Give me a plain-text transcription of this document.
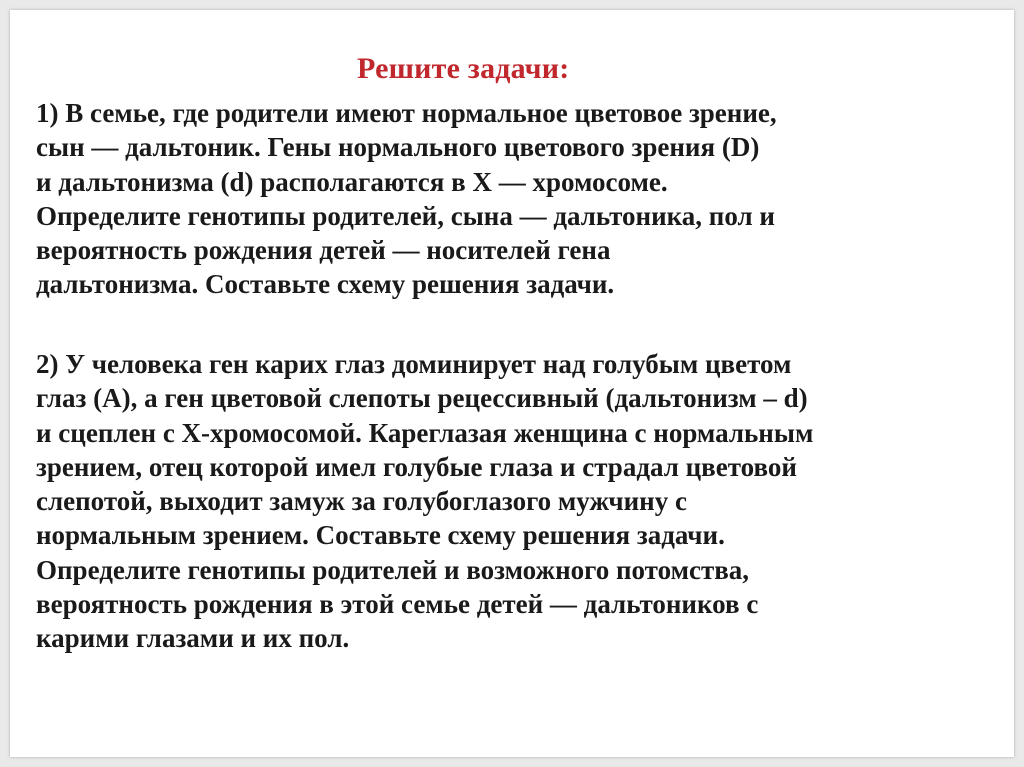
Решите задачи:

1) В семье, где родители имеют нормальное цветовое зрение,
сын — дальтоник. Гены нормального цветового зрения (D)
и дальтонизма (d) располагаются в Х — хромосоме.
Определите генотипы родителей, сына — дальтоника, пол и
вероятность рождения детей — носителей гена
дальтонизма. Составьте схему решения задачи.

2) У человека ген карих глаз доминирует над голубым цветом
глаз (А), а ген цветовой слепоты рецессивный (дальтонизм – d)
и сцеплен с Х-хромосомой. Кареглазая женщина с нормальным
зрением, отец которой имел голубые глаза и страдал цветовой
слепотой, выходит замуж за голубоглазого мужчину с
нормальным зрением. Составьте схему решения задачи.
Определите генотипы родителей и возможного потомства,
вероятность рождения в этой семье детей — дальтоников с
карими глазами и их пол.
